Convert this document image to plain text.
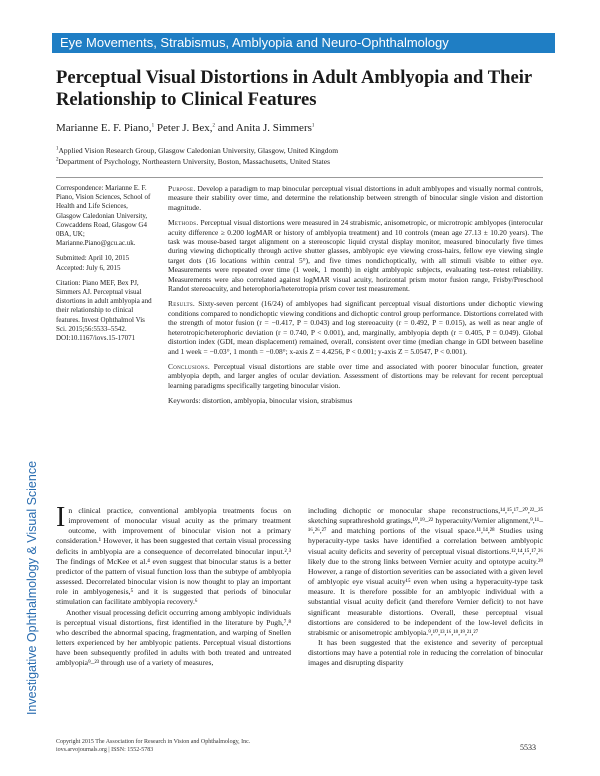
Eye Movements, Strabismus, Amblyopia and Neuro-Ophthalmology
Investigative Ophthalmology & Visual Science
Perceptual Visual Distortions in Adult Amblyopia and Their Relationship to Clinical Features
Marianne E. F. Piano,$^1$ Peter J. Bex,$^2$ and Anita J. Simmers$^1$
$^1$Applied Vision Research Group, Glasgow Caledonian University, Glasgow, United Kingdom
$^2$Department of Psychology, Northeastern University, Boston, Massachusetts, United States

Correspondence: Marianne E. F. Piano, Vision Sciences, School of Health and Life Sciences, Glasgow Caledonian University, Cowcaddens Road, Glasgow G4 0BA, UK; Marianne.Piano@gcu.ac.uk.

Submitted: April 10, 2015

Accepted: July 6, 2015

Citation: Piano MEF, Bex PJ, Simmers AJ. Perceptual visual distortions in adult amblyopia and their relationship to clinical features. Invest Ophthalmol Vis Sci. 2015;56:5533–5542. DOI:10.1167/iovs.15-17071

Purpose. Develop a paradigm to map binocular perceptual visual distortions in adult amblyopes and visually normal controls, measure their stability over time, and determine the relationship between strength of binocular single vision and distortion magnitude.

Methods. Perceptual visual distortions were measured in 24 strabismic, anisometropic, or microtropic amblyopes (interocular acuity difference ≥ 0.200 logMAR or history of amblyopia treatment) and 10 controls (mean age 27.13 ± 10.20 years). The task was mouse-based target alignment on a stereoscopic liquid crystal display monitor, measured binocularly five times during viewing dichoptically through active shutter glasses, amblyopic eye viewing cross-hairs, fellow eye viewing single target dots (16 locations within central 5°), and five times nondichoptically, with all stimuli visible to either eye. Measurements were repeated over time (1 week, 1 month) in eight amblyopic subjects, evaluating test–retest reliability. Measurements were also correlated against logMAR visual acuity, horizontal prism motor fusion range, Frisby/Preschool Randot stereoacuity, and heterophoria/heterotropia prism cover test measurement.

Results. Sixty-seven percent (16/24) of amblyopes had significant perceptual visual distortions under dichoptic viewing conditions compared to nondichoptic viewing conditions and dichoptic control group performance. Distortions correlated with the strength of motor fusion (r = −0.417, P = 0.043) and log stereoacuity (r = 0.492, P = 0.015), as well as near angle of heterotropic/heterophoric deviation (r = 0.740, P < 0.001), and, marginally, amblyopia depth (r = 0.405, P = 0.049). Global distortion index (GDI, mean displacement) remained, overall, consistent over time (median change in GDI between baseline and 1 week = −0.03°, 1 month = −0.08°; x-axis Z = 4.4256, P < 0.001; y-axis Z = 5.0547, P < 0.001).

Conclusions. Perceptual visual distortions are stable over time and associated with poorer binocular function, greater amblyopia depth, and larger angles of ocular deviation. Assessment of distortions may be relevant for recent perceptual learning paradigms specifically targeting binocular vision.

Keywords: distortion, amblyopia, binocular vision, strabismus

In clinical practice, conventional amblyopia treatments focus on improvement of monocular visual acuity as the primary treatment outcome, with improvement of binocular vision not a primary consideration.¹ However, it has been suggested that certain visual processing deficits in amblyopia are a consequence of decorrelated binocular input.²,³ The findings of McKee et al.⁴ even suggest that binocular status is a better predictor of the pattern of visual function loss than the subtype of amblyopia assessed. Decorrelated binocular vision is now thought to play an important role in amblyogenesis,⁵ and it is suggested that periods of binocular stimulation can facilitate amblyopia recovery.⁶

Another visual processing deficit occurring among amblyopic individuals is perceptual visual distortions, first identified in the literature by Pugh,⁷,⁸ who described the abnormal spacing, fragmentation, and warping of Snellen letters experienced by her amblyopic patients. Perceptual visual distortions have been subsequently profiled in adults with both treated and untreated amblyopia⁹–²³ through use of a variety of measures,

including dichoptic or monocular shape reconstructions,¹⁴,¹⁵,¹⁷–²⁰,²²–²⁵ sketching suprathreshold gratings,¹⁰,¹⁹–²² hyperacuity/Vernier alignment,⁹,¹¹–¹⁶,²⁶,²⁷ and matching portions of the visual space.¹¹,¹⁴,²⁸ Studies using hyperacuity-type tasks have identified a correlation between amblyopic visual acuity deficits and severity of perceptual visual distortions.¹²,¹⁴,¹⁵,¹⁷,²⁶ likely due to the strong links between Vernier acuity and optotype acuity.²⁹ However, a range of distortion severities can be associated with a given level of amblyopic eye visual acuity¹⁵ even when using a hyperacuity-type task measure. It is therefore possible for an amblyopic individual with a substantial visual acuity deficit (and therefore Vernier deficit) to not have significant measurable distortions. Overall, these perceptual visual distortions are considered to be independent of the low-level deficits in strabismic or anisometropic amblyopia.⁹,¹⁰,¹³,¹⁶,¹⁸,¹⁹,²¹,²⁷

It has been suggested that the existence and severity of perceptual distortions may have a potential role in reducing the correlation of binocular images and disrupting disparity

Copyright 2015 The Association for Research in Vision and Ophthalmology, Inc.
iovs.arvojournals.org | ISSN: 1552-5783	5533
